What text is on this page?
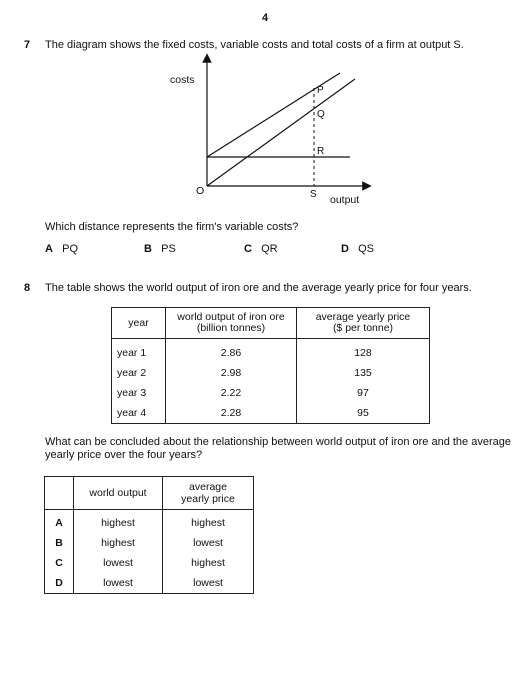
4
7 The diagram shows the fixed costs, variable costs and total costs of a firm at output S.
costs
output
O
P
Q
R
S
Which distance represents the firm's variable costs?
A PQ	B PS	C QR	D QS
8 The table shows the world output of iron ore and the average yearly price for four years.
year	world output of iron ore
(billion tonnes)	average yearly price
($ per tonne)
year 1	2.86	128
year 2	2.98	135
year 3	2.22	97
year 4	2.28	95
What can be concluded about the relationship between world output of iron ore and the average
yearly price over the four years?
	world output	average
yearly price
A	highest	highest
B	highest	lowest
C	lowest	highest
D	lowest	lowest
